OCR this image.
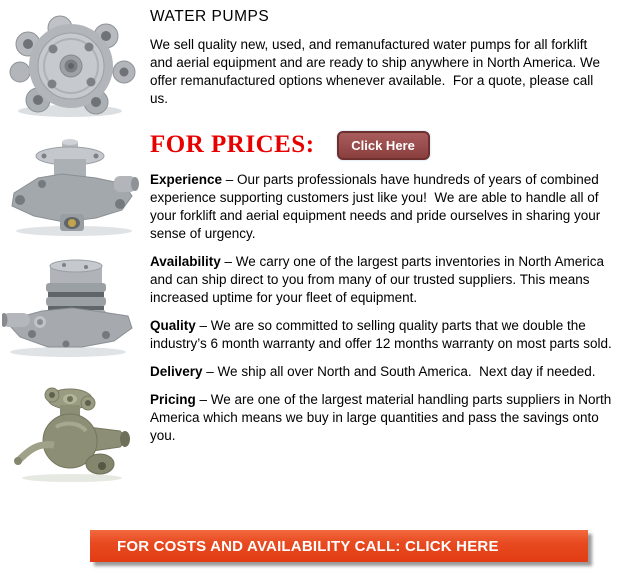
WATER PUMPS

We sell quality new, used, and remanufactured water pumps for all forklift and aerial equipment and are ready to ship anywhere in North America. We offer remanufactured options whenever available.  For a quote, please call us.

FOR PRICES:	Click Here

Experience – Our parts professionals have hundreds of years of combined experience supporting customers just like you!  We are able to handle all of your forklift and aerial equipment needs and pride ourselves in sharing your sense of urgency.

Availability – We carry one of the largest parts inventories in North America and can ship direct to you from many of our trusted suppliers. This means increased uptime for your fleet of equipment.

Quality – We are so committed to selling quality parts that we double the industry’s 6 month warranty and offer 12 months warranty on most parts sold.

Delivery – We ship all over North and South America.  Next day if needed.

Pricing – We are one of the largest material handling parts suppliers in North America which means we buy in large quantities and pass the savings onto you.

FOR COSTS AND AVAILABILITY CALL: CLICK HERE
